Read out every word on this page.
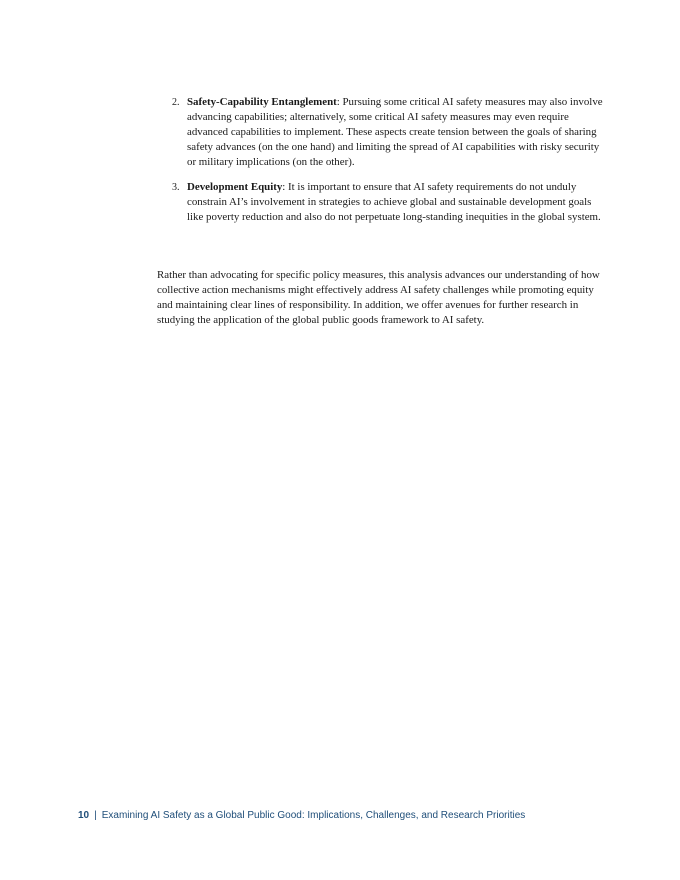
2. Safety-Capability Entanglement: Pursuing some critical AI safety measures may also involve advancing capabilities; alternatively, some critical AI safety measures may even require advanced capabilities to implement. These aspects create tension between the goals of sharing safety advances (on the one hand) and limiting the spread of AI capabilities with risky security or military implications (on the other).
3. Development Equity: It is important to ensure that AI safety requirements do not unduly constrain AI’s involvement in strategies to achieve global and sustainable development goals like poverty reduction and also do not perpetuate long-standing inequities in the global system.

Rather than advocating for specific policy measures, this analysis advances our understanding of how collective action mechanisms might effectively address AI safety challenges while promoting equity and maintaining clear lines of responsibility. In addition, we offer avenues for further research in studying the application of the global public goods framework to AI safety.

10 | Examining AI Safety as a Global Public Good: Implications, Challenges, and Research Priorities
